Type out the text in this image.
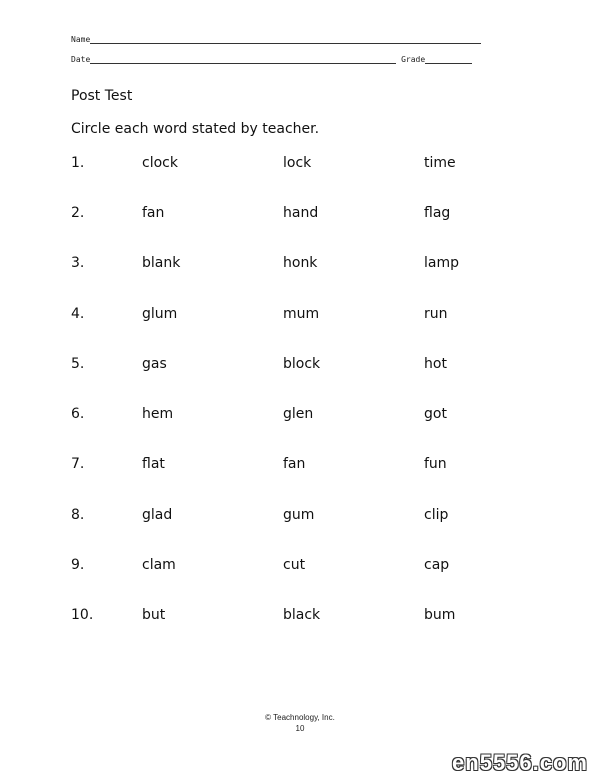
Name
Date	Grade
Post Test
Circle each word stated by teacher.
1.	clock	lock	time
2.	fan	hand	flag
3.	blank	honk	lamp
4.	glum	mum	run
5.	gas	block	hot
6.	hem	glen	got
7.	flat	fan	fun
8.	glad	gum	clip
9.	clam	cut	cap
10.	but	black	bum
© Teachnology, Inc.
10
en5556.com
